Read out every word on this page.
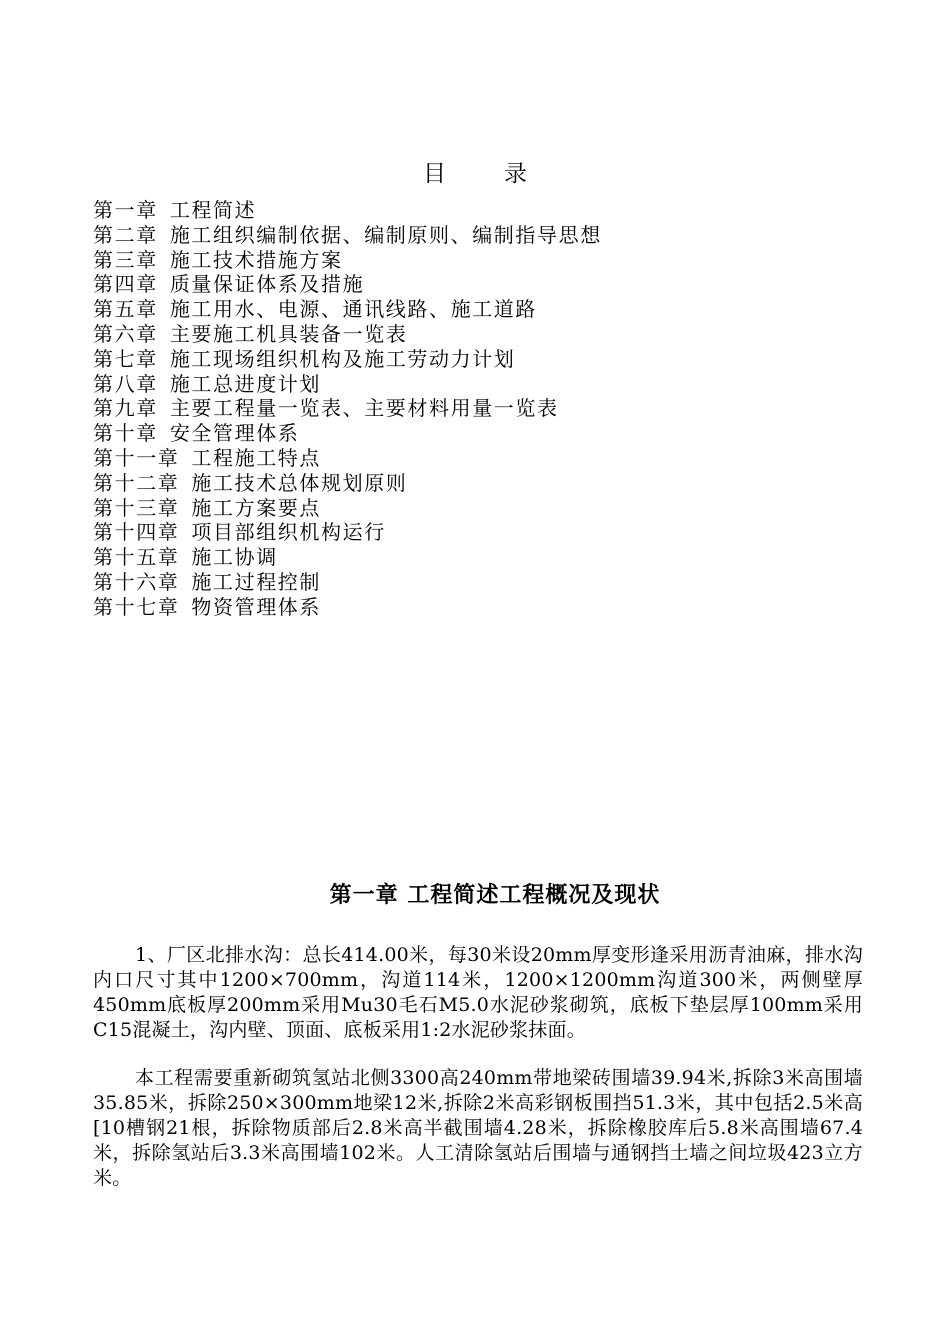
目录
第一章 工程简述
第二章 施工组织编制依据、编制原则、编制指导思想
第三章 施工技术措施方案
第四章 质量保证体系及措施
第五章 施工用水、电源、通讯线路、施工道路
第六章 主要施工机具装备一览表
第七章 施工现场组织机构及施工劳动力计划
第八章 施工总进度计划
第九章 主要工程量一览表、主要材料用量一览表
第十章 安全管理体系
第十一章 工程施工特点
第十二章 施工技术总体规划原则
第十三章 施工方案要点
第十四章 项目部组织机构运行
第十五章 施工协调
第十六章 施工过程控制
第十七章 物资管理体系
第一章 工程简述工程概况及现状

1、厂区北排水沟：总长414.00米，每30米设20mm厚变形逢采用沥青油麻，排水沟内口尺寸其中1200×700mm，沟道114米，1200×1200mm沟道300米，两侧壁厚450mm底板厚200mm采用Mu30毛石M5.0水泥砂浆砌筑，底板下垫层厚100mm采用C15混凝土，沟内壁、顶面、底板采用1:2水泥砂浆抹面。

本工程需要重新砌筑氢站北侧3300高240mm带地梁砖围墙39.94米,拆除3米高围墙35.85米，拆除250×300mm地梁12米,拆除2米高彩钢板围挡51.3米，其中包括2.5米高[10槽钢21根，拆除物质部后2.8米高半截围墙4.28米，拆除橡胶库后5.8米高围墙67.4米，拆除氢站后3.3米高围墙102米。人工清除氢站后围墙与通钢挡土墙之间垃圾423立方米。
